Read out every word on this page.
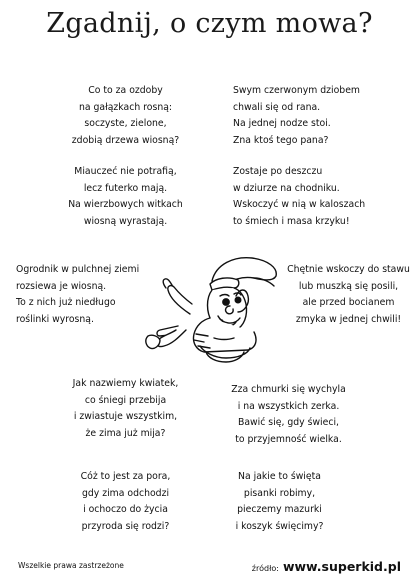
Zgadnij, o czym mowa?
Co to za ozdoby
na gałązkach rosną:
soczyste, zielone,
zdobią drzewa wiosną?
Swym czerwonym dziobem
chwali się od rana.
Na jednej nodze stoi.
Zna ktoś tego pana?
Miauczeć nie potrafią,
lecz futerko mają.
Na wierzbowych witkach
wiosną wyrastają.
Zostaje po deszczu
w dziurze na chodniku.
Wskoczyć w nią w kaloszach
to śmiech i masa krzyku!
Ogrodnik w pulchnej ziemi
rozsiewa je wiosną.
To z nich już niedługo
roślinki wyrosną.
Chętnie wskoczy do stawu
lub muszką się posili,
ale przed bocianem
zmyka w jednej chwili!
Jak nazwiemy kwiatek,
co śniegi przebija
i zwiastuje wszystkim,
że zima już mija?
Zza chmurki się wychyla
i na wszystkich zerka.
Bawić się, gdy świeci,
to przyjemność wielka.
Cóż to jest za pora,
gdy zima odchodzi
i ochoczo do życia
przyroda się rodzi?
Na jakie to święta
pisanki robimy,
pieczemy mazurki
i koszyk święcimy?
Wszelkie prawa zastrzeżone	źródło: www.superkid.pl
